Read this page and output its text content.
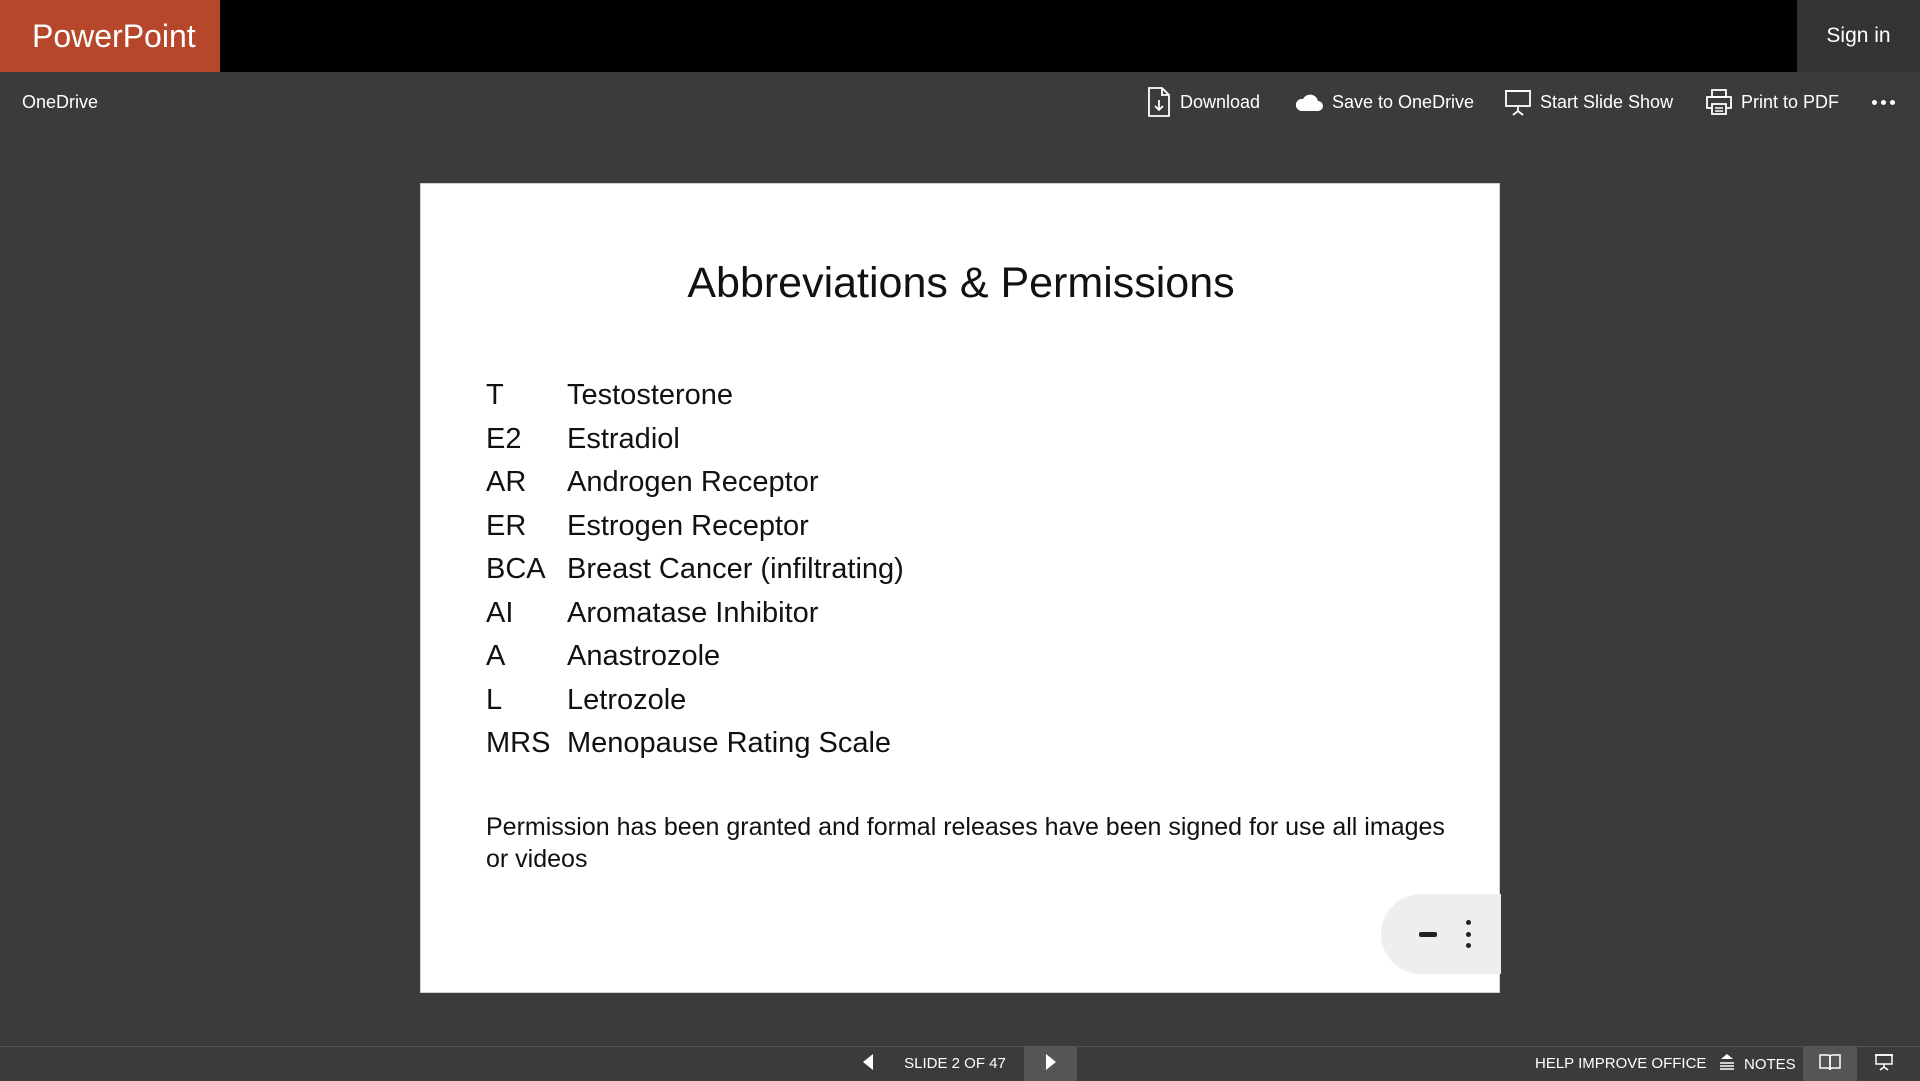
PowerPoint	Sign in
OneDrive	Download	Save to OneDrive	Start Slide Show	Print to PDF
Abbreviations & Permissions
T	Testosterone
E2	Estradiol
AR	Androgen Receptor
ER	Estrogen Receptor
BCA Breast Cancer (infiltrating)
AI	Aromatase Inhibitor
A	Anastrozole
L	Letrozole
MRS Menopause Rating Scale
Permission has been granted and formal releases have been signed for use all images or videos
SLIDE 2 OF 47	HELP IMPROVE OFFICE	NOTES
